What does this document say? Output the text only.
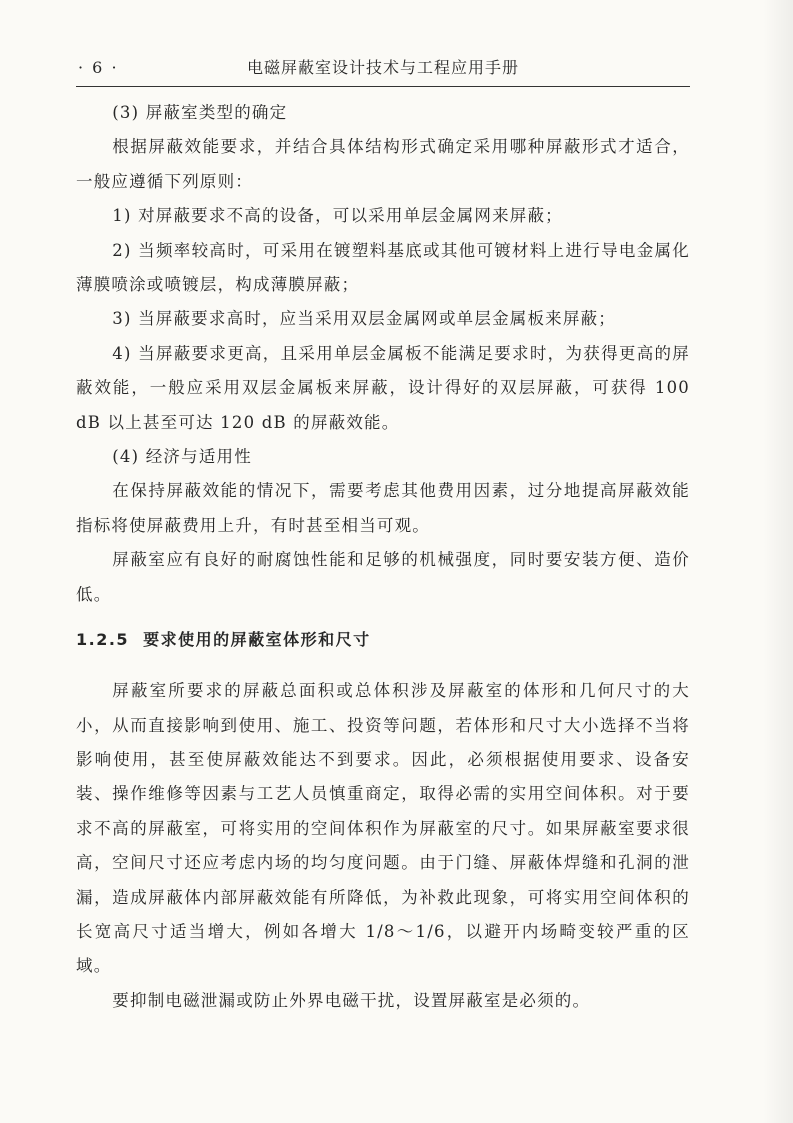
· 6 ·	电磁屏蔽室设计技术与工程应用手册

(3) 屏蔽室类型的确定

根据屏蔽效能要求，并结合具体结构形式确定采用哪种屏蔽形式才适合，一般应遵循下列原则：

1) 对屏蔽要求不高的设备，可以采用单层金属网来屏蔽；

2) 当频率较高时，可采用在镀塑料基底或其他可镀材料上进行导电金属化薄膜喷涂或喷镀层，构成薄膜屏蔽；

3) 当屏蔽要求高时，应当采用双层金属网或单层金属板来屏蔽；

4) 当屏蔽要求更高，且采用单层金属板不能满足要求时，为获得更高的屏蔽效能，一般应采用双层金属板来屏蔽，设计得好的双层屏蔽，可获得 100 dB 以上甚至可达 120 dB 的屏蔽效能。

(4) 经济与适用性

在保持屏蔽效能的情况下，需要考虑其他费用因素，过分地提高屏蔽效能指标将使屏蔽费用上升，有时甚至相当可观。

屏蔽室应有良好的耐腐蚀性能和足够的机械强度，同时要安装方便、造价低。

1.2.5 要求使用的屏蔽室体形和尺寸

屏蔽室所要求的屏蔽总面积或总体积涉及屏蔽室的体形和几何尺寸的大小，从而直接影响到使用、施工、投资等问题，若体形和尺寸大小选择不当将影响使用，甚至使屏蔽效能达不到要求。因此，必须根据使用要求、设备安装、操作维修等因素与工艺人员慎重商定，取得必需的实用空间体积。对于要求不高的屏蔽室，可将实用的空间体积作为屏蔽室的尺寸。如果屏蔽室要求很高，空间尺寸还应考虑内场的均匀度问题。由于门缝、屏蔽体焊缝和孔洞的泄漏，造成屏蔽体内部屏蔽效能有所降低，为补救此现象，可将实用空间体积的长宽高尺寸适当增大，例如各增大 1/8～1/6，以避开内场畸变较严重的区域。

要抑制电磁泄漏或防止外界电磁干扰，设置屏蔽室是必须的。
